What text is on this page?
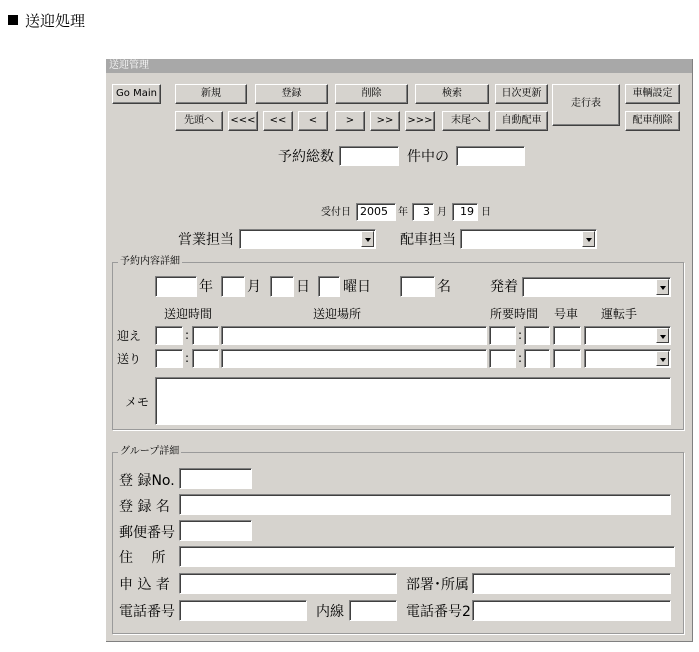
送迎処理
送迎管理
Go Main	新規	登録	削除	検索	日次更新
走行表
車輌設定
先頭へ	<<<	<<	<	>	>>	>>>	末尾へ	自動配車	配車削除
予約総数	件中の
受付日 2005	年	3 月	19 日
営業担当	配車担当
予約内容詳細
年 月	日 曜日	名	発着
送迎時間	送迎場所	所要時間 号車 運転手
迎え	:	:
送り	:	:
メモ
グループ詳細
登 録No.
登 録 名
郵便番号
住　 所
申 込 者	部署･所属
電話番号	内線	電話番号2
